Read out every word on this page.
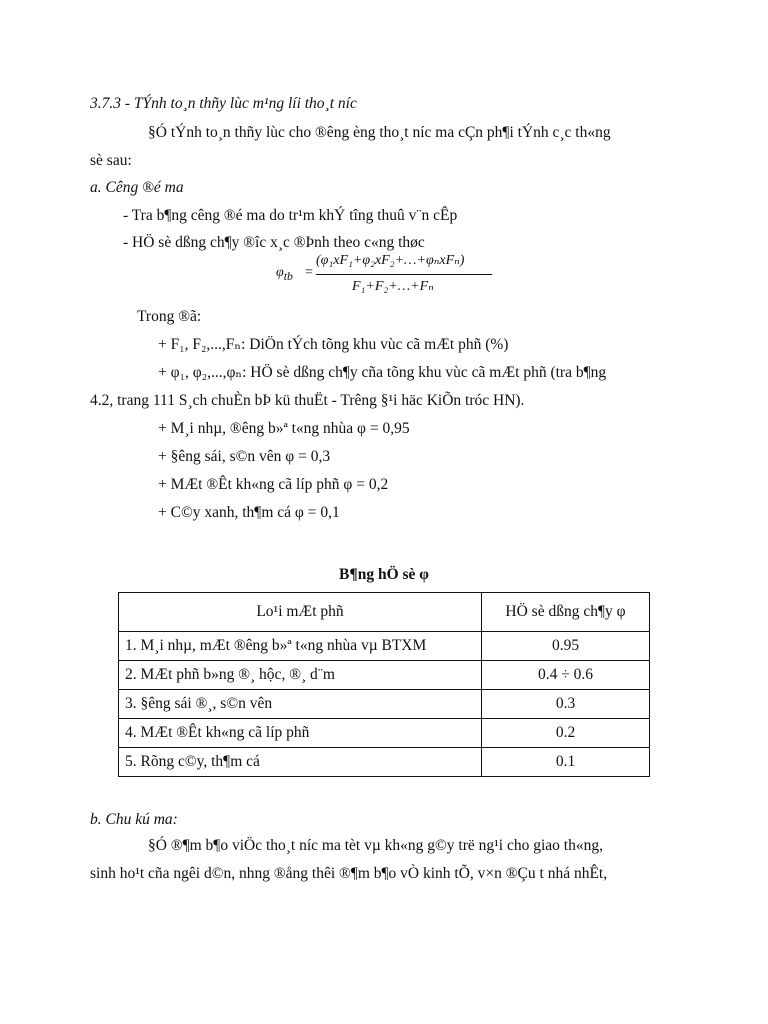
3.7.3 - TÝnh to¸n thñy lùc m¹ng líi tho¸t níc
§Ó tÝnh to¸n thñy lùc cho ®êng èng tho¸t níc ma cÇn ph¶i tÝnh c¸c th«ng
sè sau:
a. Cêng ®é ma
- Tra b¶ng cêng ®é ma do tr¹m khÝ tîng thuû v¨n cÊp
- HÖ sè dßng ch¶y ®îc x¸c ®Þnh theo c«ng thøc
$\varphi_{tb}$ =
(φ₁xF₁+φ₂xF₂+…+φₙxFₙ)
F₁+F₂+…+Fₙ
Trong ®ã:
+ F₁, F₂,...,Fₙ: DiÖn tÝch tõng khu vùc cã mÆt phñ (%)
+ φ₁, φ₂,...,φₙ: HÖ sè dßng ch¶y cña tõng khu vùc cã mÆt phñ (tra b¶ng
4.2, trang 111 S¸ch chuÈn bÞ kü thuËt - Trêng §¹i häc KiÕn tróc HN).
+ M¸i nhµ, ®êng b»ª t«ng nhùa φ = 0,95
+ §êng sái, s©n vên φ = 0,3
+ MÆt ®Êt kh«ng cã líp phñ φ = 0,2
+ C©y xanh, th¶m cá φ = 0,1
B¶ng hÖ sè φ
Lo¹i mÆt phñ	HÖ sè dßng ch¶y φ
1. M¸i nhµ, mÆt ®êng b»ª t«ng nhùa vµ BTXM	0.95
2. MÆt phñ b»ng ®¸ hộc, ®¸ d¨m	0.4 ÷ 0.6
3. §êng sái ®¸, s©n vên	0.3
4. MÆt ®Êt kh«ng cã líp phñ	0.2
5. Rõng c©y, th¶m cá	0.1
b. Chu kú ma:
§Ó ®¶m b¶o viÖc tho¸t níc ma tèt vµ kh«ng g©y trë ng¹i cho giao th«ng,
sinh ho¹t cña ngêi d©n, nhng ®ång thêi ®¶m b¶o vÒ kinh tÕ, v×n ®Çu t nhá nhÊt,
